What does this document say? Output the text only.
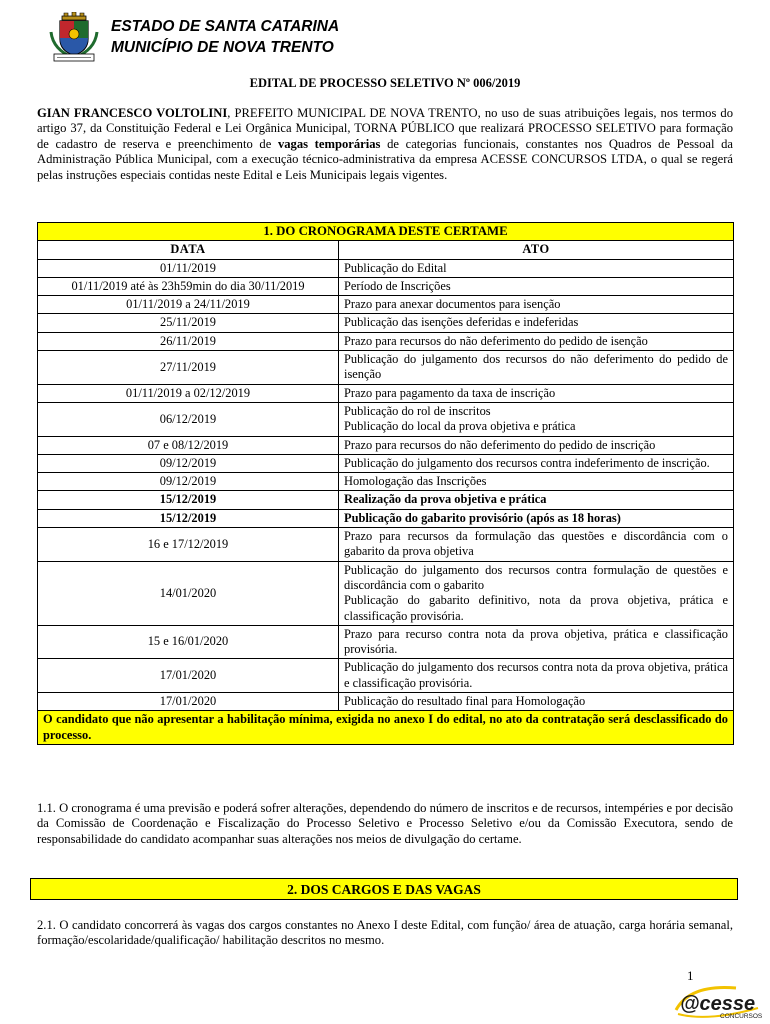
ESTADO DE SANTA CATARINA
MUNICÍPIO DE NOVA TRENTO
EDITAL DE PROCESSO SELETIVO Nº 006/2019
GIAN FRANCESCO VOLTOLINI, PREFEITO MUNICIPAL DE NOVA TRENTO, no uso de suas atribuições legais, nos termos do artigo 37, da Constituição Federal e Lei Orgânica Municipal, TORNA PÚBLICO que realizará PROCESSO SELETIVO para formação de cadastro de reserva e preenchimento de vagas temporárias de categorias funcionais, constantes nos Quadros de Pessoal da Administração Pública Municipal, com a execução técnico-administrativa da empresa ACESSE CONCURSOS LTDA, o qual se regerá pelas instruções especiais contidas neste Edital e Leis Municipais legais vigentes.
1. DO CRONOGRAMA DESTE CERTAME	
DATA	ATO
01/11/2019	Publicação do Edital

01/11/2019 até às 23h59min do dia 30/11/2019	Período de Inscrições

01/11/2019 a 24/11/2019	Prazo para anexar documentos para isenção

25/11/2019	Publicação das isenções deferidas e indeferidas

26/11/2019	Prazo para recursos do não deferimento do pedido de isenção

27/11/2019	Publicação do julgamento dos recursos do não deferimento do pedido de isenção

01/11/2019 a 02/12/2019	Prazo para pagamento da taxa de inscrição

06/12/2019	Publicação do rol de inscritos
Publicação do local da prova objetiva e prática

07 e 08/12/2019	Prazo para recursos do não deferimento do pedido de inscrição

09/12/2019	Publicação do julgamento dos recursos contra indeferimento de inscrição.

09/12/2019	Homologação das Inscrições

15/12/2019	Realização da prova objetiva e prática

15/12/2019	Publicação do gabarito provisório (após as 18 horas)

16 e 17/12/2019	Prazo para recursos da formulação das questões e discordância com o gabarito da prova objetiva

14/01/2020	Publicação do julgamento dos recursos contra formulação de questões e discordância com o gabarito
Publicação do gabarito definitivo, nota da prova objetiva, prática e classificação provisória.

15 e 16/01/2020	Prazo para recurso contra nota da prova objetiva, prática e classificação provisória.

17/01/2020	Publicação do julgamento dos recursos contra nota da prova objetiva, prática e classificação provisória.

17/01/2020	Publicação do resultado final para Homologação

O candidato que não apresentar a habilitação mínima, exigida no anexo I do edital, no ato da contratação será desclassificado do processo.	
1.1. O cronograma é uma previsão e poderá sofrer alterações, dependendo do número de inscritos e de recursos, intempéries e por decisão da Comissão de Coordenação e Fiscalização do Processo Seletivo e Processo Seletivo e/ou da Comissão Executora, sendo de responsabilidade do candidato acompanhar suas alterações nos meios de divulgação do certame.
2. DOS CARGOS E DAS VAGAS
2.1. O candidato concorrerá às vagas dos cargos constantes no Anexo I deste Edital, com função/ área de atuação, carga horária semanal, formação/escolaridade/qualificação/ habilitação descritos no mesmo.
1
@cesse
CONCURSOS
